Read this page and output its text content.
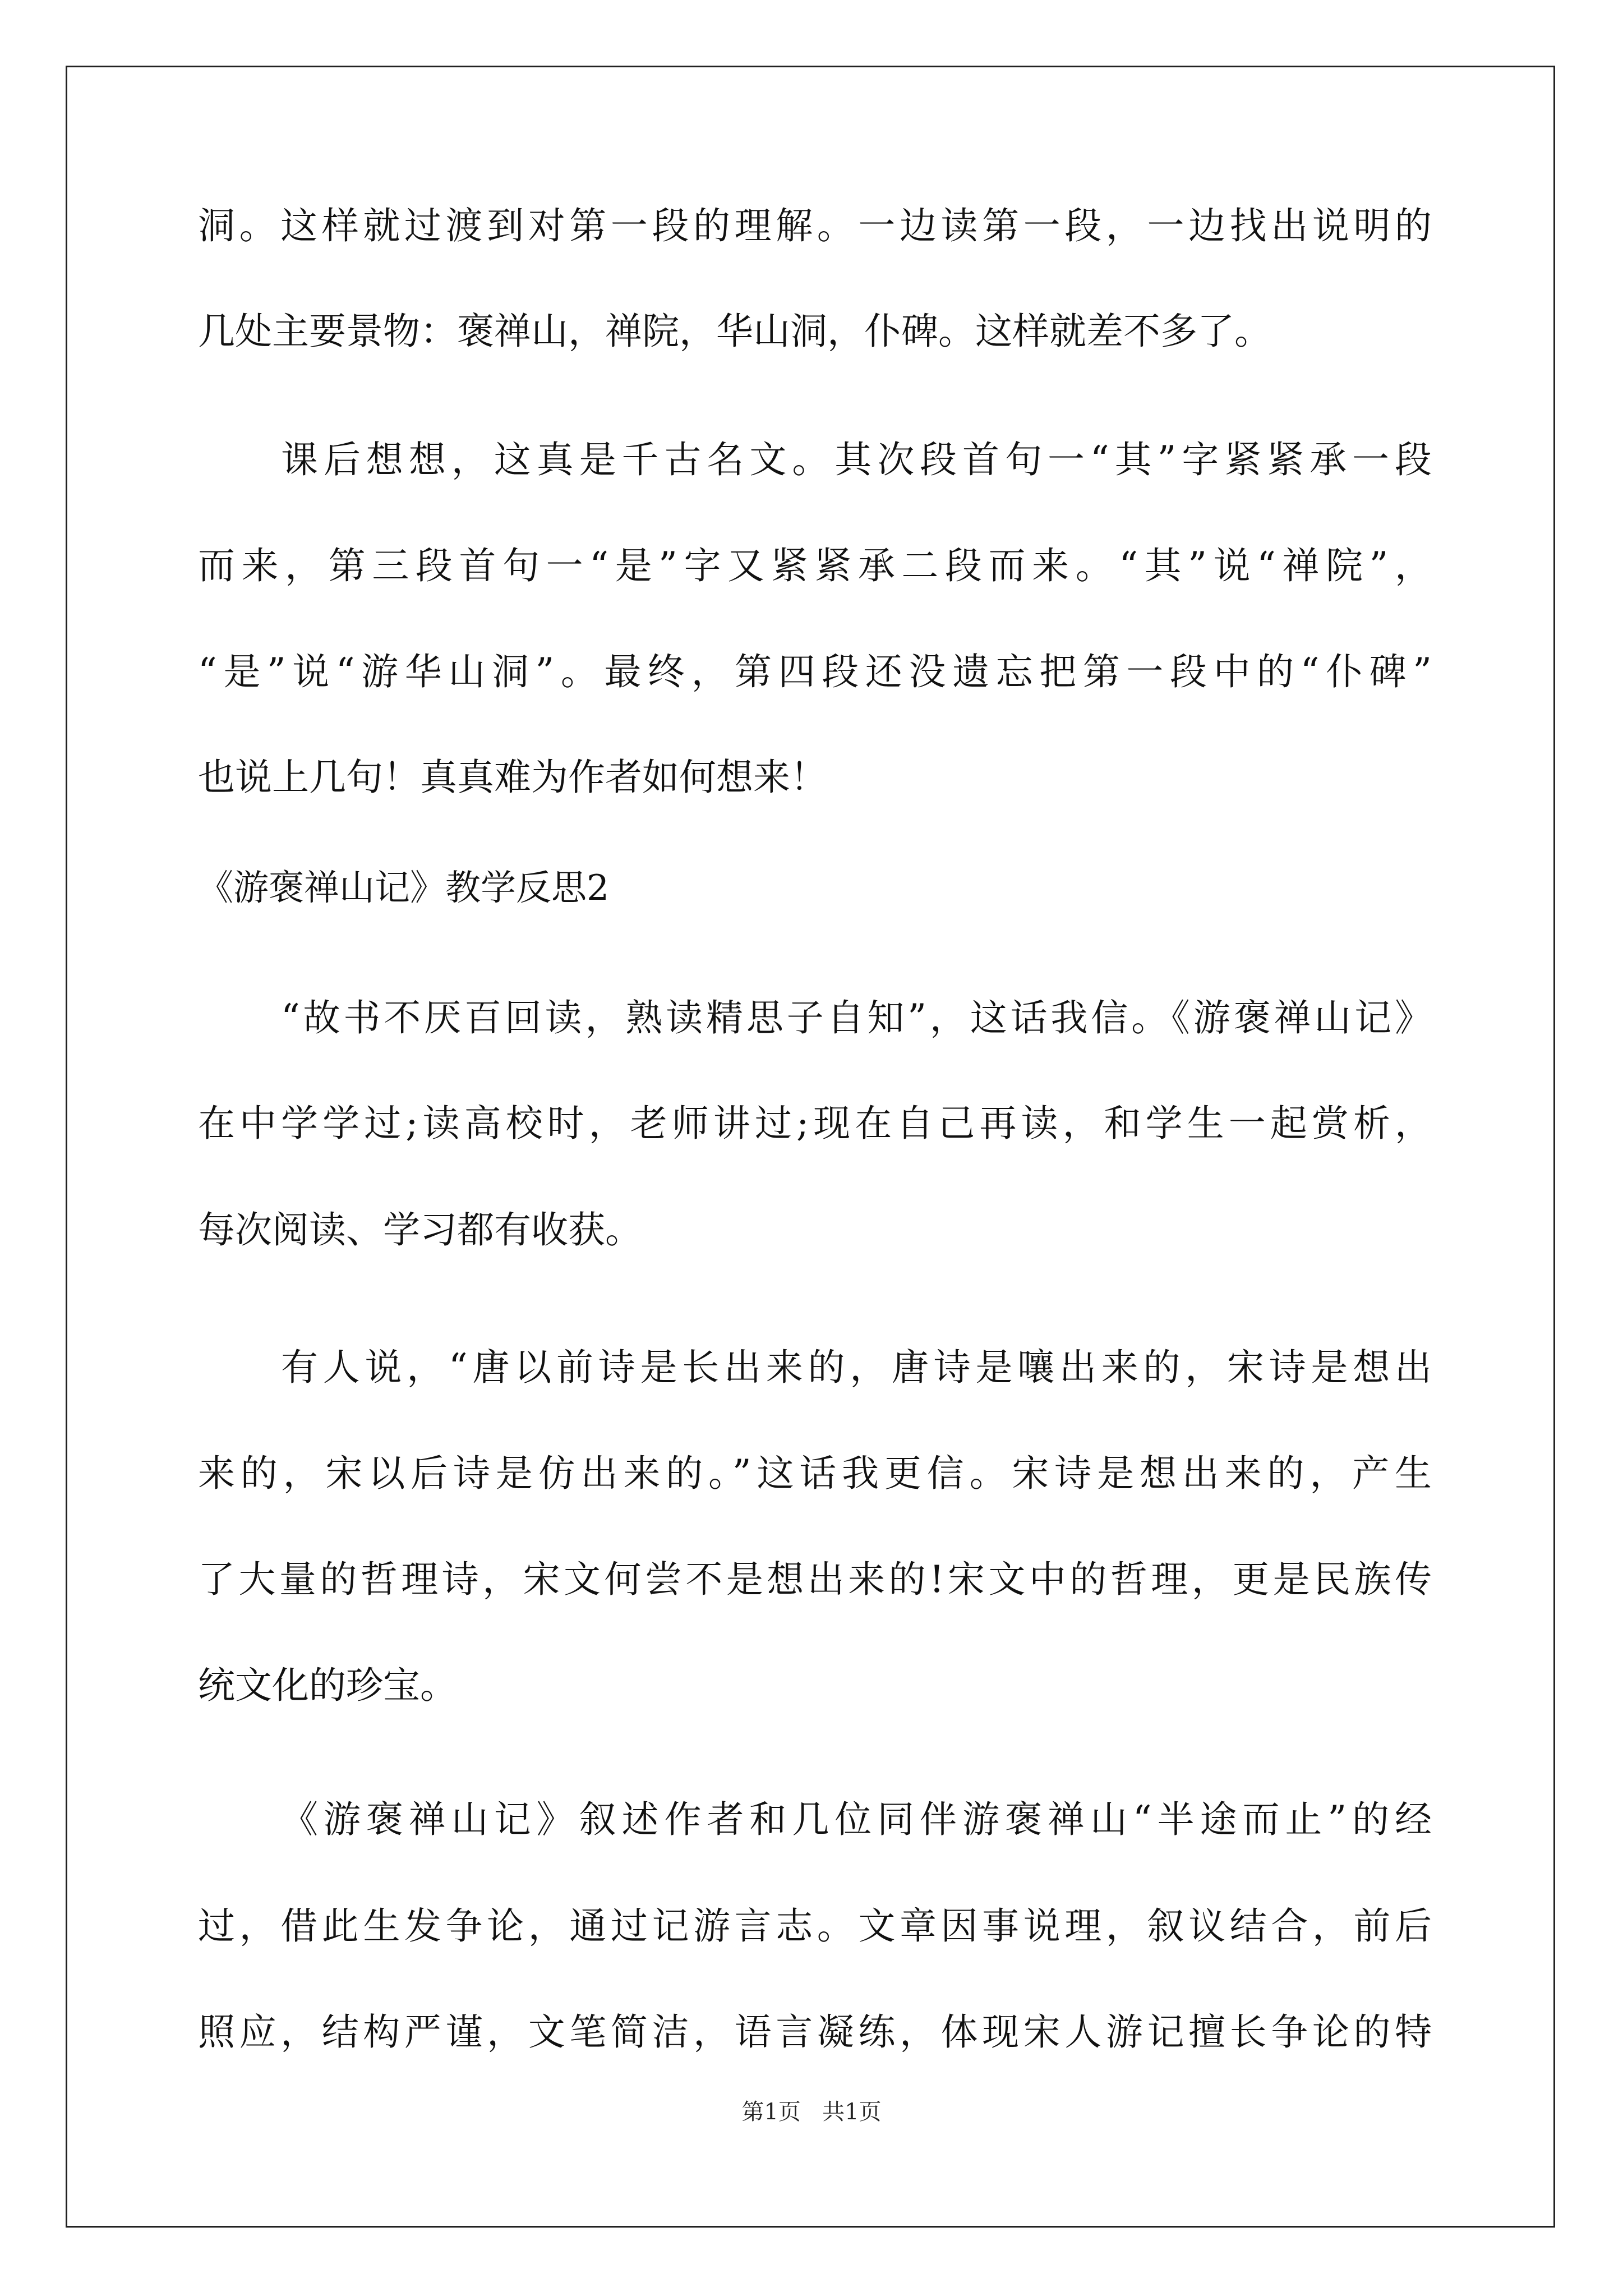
洞。这样就过渡到对第一段的理解。一边读第一段，一边找出说明的
几处主要景物：褒禅山，禅院，华山洞，仆碑。这样就差不多了。
课后想想，这真是千古名文。其次段首句一“其”字紧紧承一段
而来，第三段首句一“是”字又紧紧承二段而来。“其”说“禅院”，
“是”说“游华山洞”。最终，第四段还没遗忘把第一段中的“仆碑”
也说上几句！真真难为作者如何想来！
《游褒禅山记》教学反思2
“故书不厌百回读，熟读精思子自知”，这话我信。《游褒禅山记》
在中学学过;读高校时，老师讲过;现在自己再读，和学生一起赏析，
每次阅读、学习都有收获。
有人说，“唐以前诗是长出来的，唐诗是嚷出来的，宋诗是想出
来的，宋以后诗是仿出来的。”这话我更信。宋诗是想出来的，产生
了大量的哲理诗，宋文何尝不是想出来的!宋文中的哲理，更是民族传
统文化的珍宝。
《游褒禅山记》叙述作者和几位同伴游褒禅山“半途而止”的经
过，借此生发争论，通过记游言志。文章因事说理，叙议结合，前后
照应，结构严谨，文笔简洁，语言凝练，体现宋人游记擅长争论的特
第1页 共1页
